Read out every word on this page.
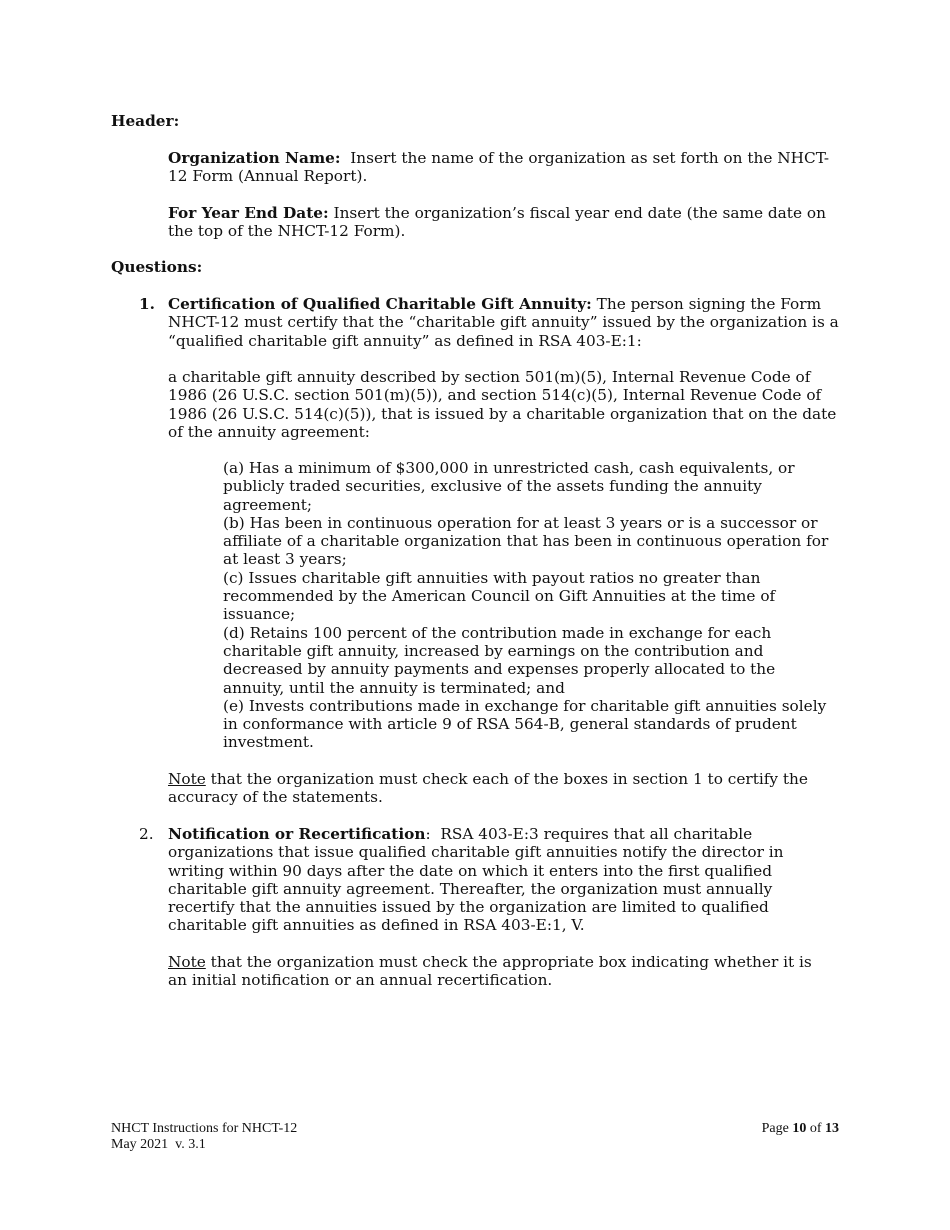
Header:

Organization Name: Insert the name of the organization as set forth on the NHCT-12 Form (Annual Report).

For Year End Date: Insert the organization’s fiscal year end date (the same date on the top of the NHCT-12 Form).

Questions:

1. Certification of Qualified Charitable Gift Annuity: The person signing the Form NHCT-12 must certify that the “charitable gift annuity” issued by the organization is a “qualified charitable gift annuity” as defined in RSA 403-E:1:

a charitable gift annuity described by section 501(m)(5), Internal Revenue Code of 1986 (26 U.S.C. section 501(m)(5)), and section 514(c)(5), Internal Revenue Code of 1986 (26 U.S.C. 514(c)(5)), that is issued by a charitable organization that on the date of the annuity agreement:

(a) Has a minimum of $300,000 in unrestricted cash, cash equivalents, or publicly traded securities, exclusive of the assets funding the annuity agreement;
(b) Has been in continuous operation for at least 3 years or is a successor or affiliate of a charitable organization that has been in continuous operation for at least 3 years;
(c) Issues charitable gift annuities with payout ratios no greater than recommended by the American Council on Gift Annuities at the time of issuance;
(d) Retains 100 percent of the contribution made in exchange for each charitable gift annuity, increased by earnings on the contribution and decreased by annuity payments and expenses properly allocated to the annuity, until the annuity is terminated; and
(e) Invests contributions made in exchange for charitable gift annuities solely in conformance with article 9 of RSA 564-B, general standards of prudent investment.

Note that the organization must check each of the boxes in section 1 to certify the accuracy of the statements.

2. Notification or Recertification: RSA 403-E:3 requires that all charitable organizations that issue qualified charitable gift annuities notify the director in writing within 90 days after the date on which it enters into the first qualified charitable gift annuity agreement. Thereafter, the organization must annually recertify that the annuities issued by the organization are limited to qualified charitable gift annuities as defined in RSA 403-E:1, V.

Note that the organization must check the appropriate box indicating whether it is an initial notification or an annual recertification.

NHCT Instructions for NHCT-12
May 2021  v. 3.1
Page 10 of 13
